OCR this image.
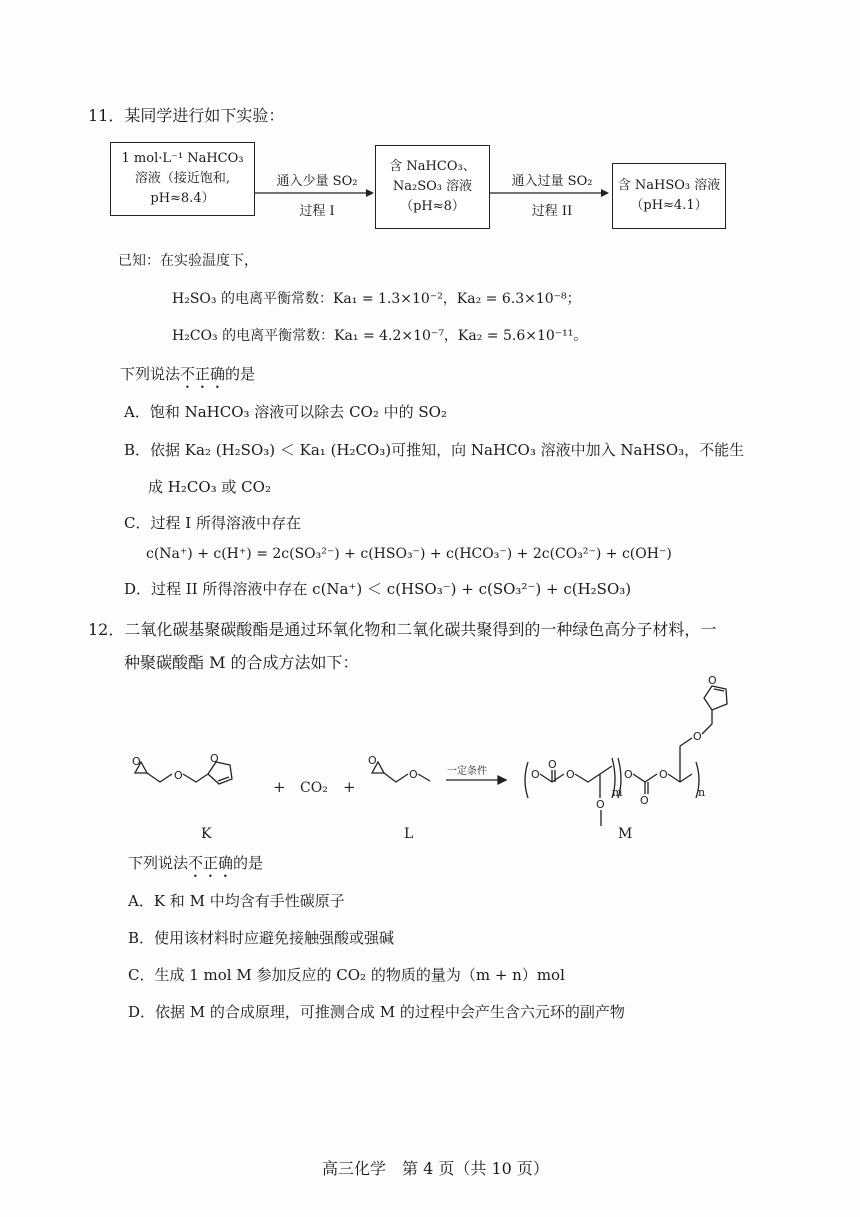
11．某同学进行如下实验：
1 mol·L⁻¹ NaHCO₃
溶液（接近饱和,
pH≈8.4）
通入少量 SO₂
过程 I
含 NaHCO₃、
Na₂SO₃ 溶液
（pH≈8）
通入过量 SO₂
过程 II
含 NaHSO₃ 溶液
（pH≈4.1）
已知：在实验温度下，
H₂SO₃ 的电离平衡常数：Ka₁ = 1.3×10⁻²，Ka₂ = 6.3×10⁻⁸；
H₂CO₃ 的电离平衡常数：Ka₁ = 4.2×10⁻⁷，Ka₂ = 5.6×10⁻¹¹。
下列说法不正确的是
A．饱和 NaHCO₃ 溶液可以除去 CO₂ 中的 SO₂
B．依据 Ka₂ (H₂SO₃) ＜ Ka₁ (H₂CO₃)可推知，向 NaHCO₃ 溶液中加入 NaHSO₃，不能生
成 H₂CO₃ 或 CO₂
C．过程 I 所得溶液中存在
c(Na⁺) + c(H⁺) = 2c(SO₃²⁻) + c(HSO₃⁻) + c(HCO₃⁻) + 2c(CO₃²⁻) + c(OH⁻)
D．过程 II 所得溶液中存在 c(Na⁺) ＜ c(HSO₃⁻) + c(SO₃²⁻) + c(H₂SO₃)
12．二氧化碳基聚碳酸酯是通过环氧化物和二氧化碳共聚得到的一种绿色高分子材料，一
种聚碳酸酯 M 的合成方法如下：
O
O
O	O
O	O
O
O
O
O
O
O
O
O
+ CO₂ +
一定条件
m	n
K	L	M
下列说法不正确的是
A．K 和 M 中均含有手性碳原子
B．使用该材料时应避免接触强酸或强碱
C．生成 1 mol M 参加反应的 CO₂ 的物质的量为（m + n）mol
D．依据 M 的合成原理，可推测合成 M 的过程中会产生含六元环的副产物
高三化学　第 4 页（共 10 页）
